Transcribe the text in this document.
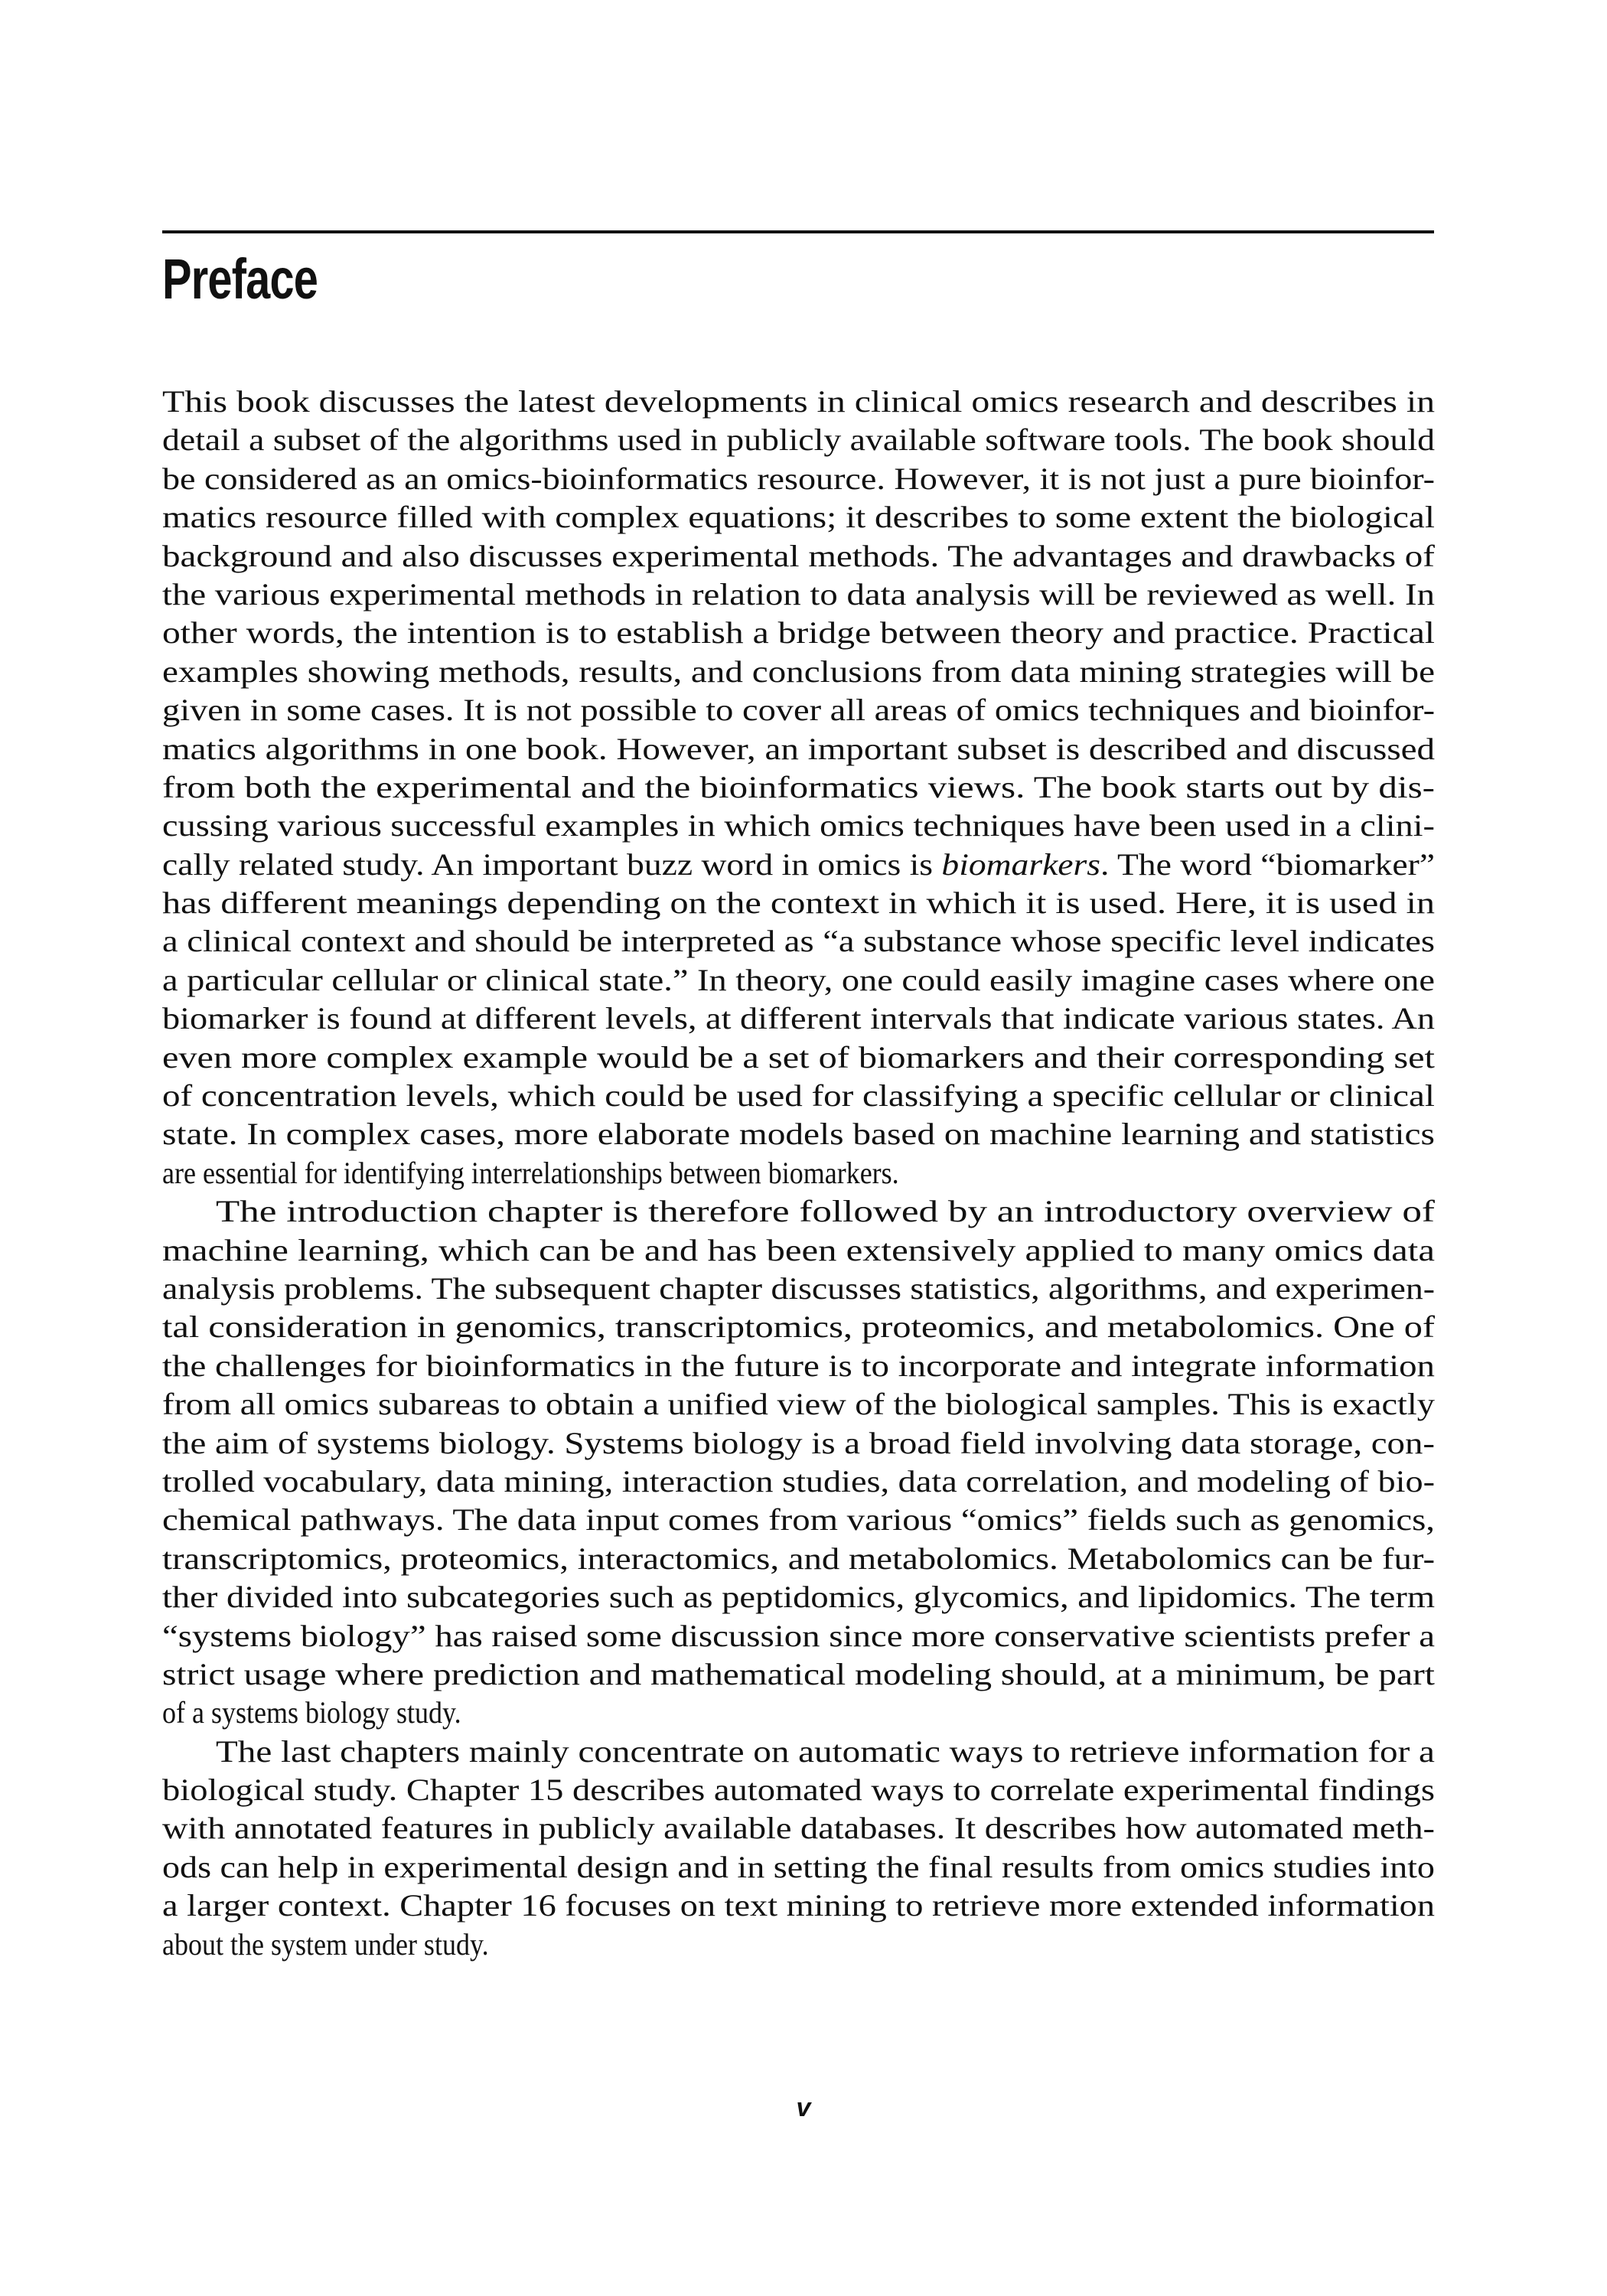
Preface
This book discusses the latest developments in clinical omics research and describes in
detail a subset of the algorithms used in publicly available software tools. The book should
be considered as an omics-bioinformatics resource. However, it is not just a pure bioinfor-
matics resource filled with complex equations; it describes to some extent the biological
background and also discusses experimental methods. The advantages and drawbacks of
the various experimental methods in relation to data analysis will be reviewed as well. In
other words, the intention is to establish a bridge between theory and practice. Practical
examples showing methods, results, and conclusions from data mining strategies will be
given in some cases. It is not possible to cover all areas of omics techniques and bioinfor-
matics algorithms in one book. However, an important subset is described and discussed
from both the experimental and the bioinformatics views. The book starts out by dis-
cussing various successful examples in which omics techniques have been used in a clini-
cally related study. An important buzz word in omics is biomarkers. The word “biomarker”
has different meanings depending on the context in which it is used. Here, it is used in
a clinical context and should be interpreted as “a substance whose specific level indicates
a particular cellular or clinical state.” In theory, one could easily imagine cases where one
biomarker is found at different levels, at different intervals that indicate various states. An
even more complex example would be a set of biomarkers and their corresponding set
of concentration levels, which could be used for classifying a specific cellular or clinical
state. In complex cases, more elaborate models based on machine learning and statistics
are essential for identifying interrelationships between biomarkers.
The introduction chapter is therefore followed by an introductory overview of
machine learning, which can be and has been extensively applied to many omics data
analysis problems. The subsequent chapter discusses statistics, algorithms, and experimen-
tal consideration in genomics, transcriptomics, proteomics, and metabolomics. One of
the challenges for bioinformatics in the future is to incorporate and integrate information
from all omics subareas to obtain a unified view of the biological samples. This is exactly
the aim of systems biology. Systems biology is a broad field involving data storage, con-
trolled vocabulary, data mining, interaction studies, data correlation, and modeling of bio-
chemical pathways. The data input comes from various “omics” fields such as genomics,
transcriptomics, proteomics, interactomics, and metabolomics. Metabolomics can be fur-
ther divided into subcategories such as peptidomics, glycomics, and lipidomics. The term
“systems biology” has raised some discussion since more conservative scientists prefer a
strict usage where prediction and mathematical modeling should, at a minimum, be part
of a systems biology study.
The last chapters mainly concentrate on automatic ways to retrieve information for a
biological study. Chapter 15 describes automated ways to correlate experimental findings
with annotated features in publicly available databases. It describes how automated meth-
ods can help in experimental design and in setting the final results from omics studies into
a larger context. Chapter 16 focuses on text mining to retrieve more extended information
about the system under study.
v
